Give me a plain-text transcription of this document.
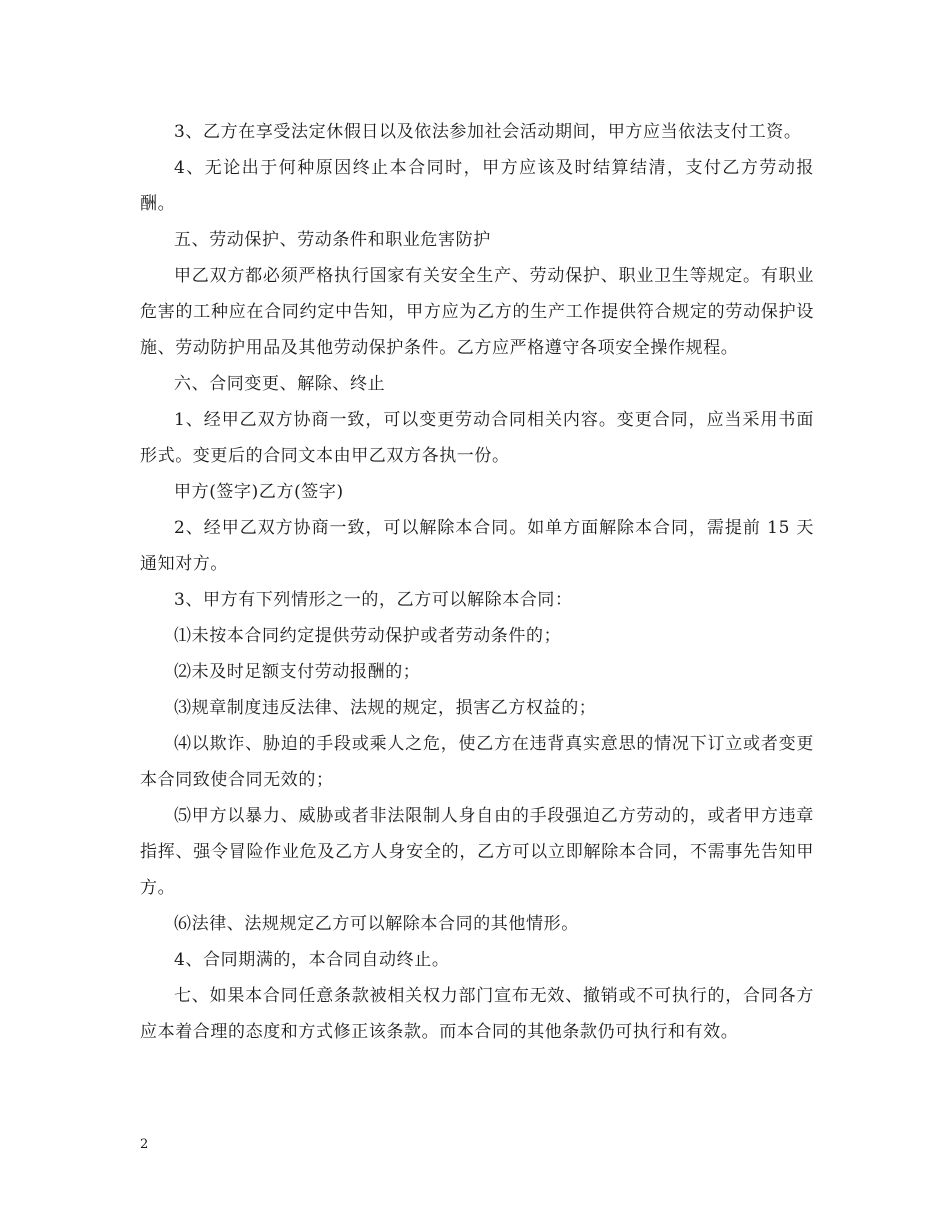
3、乙方在享受法定休假日以及依法参加社会活动期间，甲方应当依法支付工资。

4、无论出于何种原因终止本合同时，甲方应该及时结算结清，支付乙方劳动报酬。

五、劳动保护、劳动条件和职业危害防护

甲乙双方都必须严格执行国家有关安全生产、劳动保护、职业卫生等规定。有职业危害的工种应在合同约定中告知，甲方应为乙方的生产工作提供符合规定的劳动保护设施、劳动防护用品及其他劳动保护条件。乙方应严格遵守各项安全操作规程。

六、合同变更、解除、终止

1、经甲乙双方协商一致，可以变更劳动合同相关内容。变更合同，应当采用书面形式。变更后的合同文本由甲乙双方各执一份。

甲方(签字)乙方(签字)

2、经甲乙双方协商一致，可以解除本合同。如单方面解除本合同，需提前 15 天通知对方。

3、甲方有下列情形之一的，乙方可以解除本合同：

⑴未按本合同约定提供劳动保护或者劳动条件的；

⑵未及时足额支付劳动报酬的；

⑶规章制度违反法律、法规的规定，损害乙方权益的；

⑷以欺诈、胁迫的手段或乘人之危，使乙方在违背真实意思的情况下订立或者变更本合同致使合同无效的；

⑸甲方以暴力、威胁或者非法限制人身自由的手段强迫乙方劳动的，或者甲方违章指挥、强令冒险作业危及乙方人身安全的，乙方可以立即解除本合同，不需事先告知甲方。

⑹法律、法规规定乙方可以解除本合同的其他情形。

4、合同期满的，本合同自动终止。

七、如果本合同任意条款被相关权力部门宣布无效、撤销或不可执行的，合同各方应本着合理的态度和方式修正该条款。而本合同的其他条款仍可执行和有效。

2
